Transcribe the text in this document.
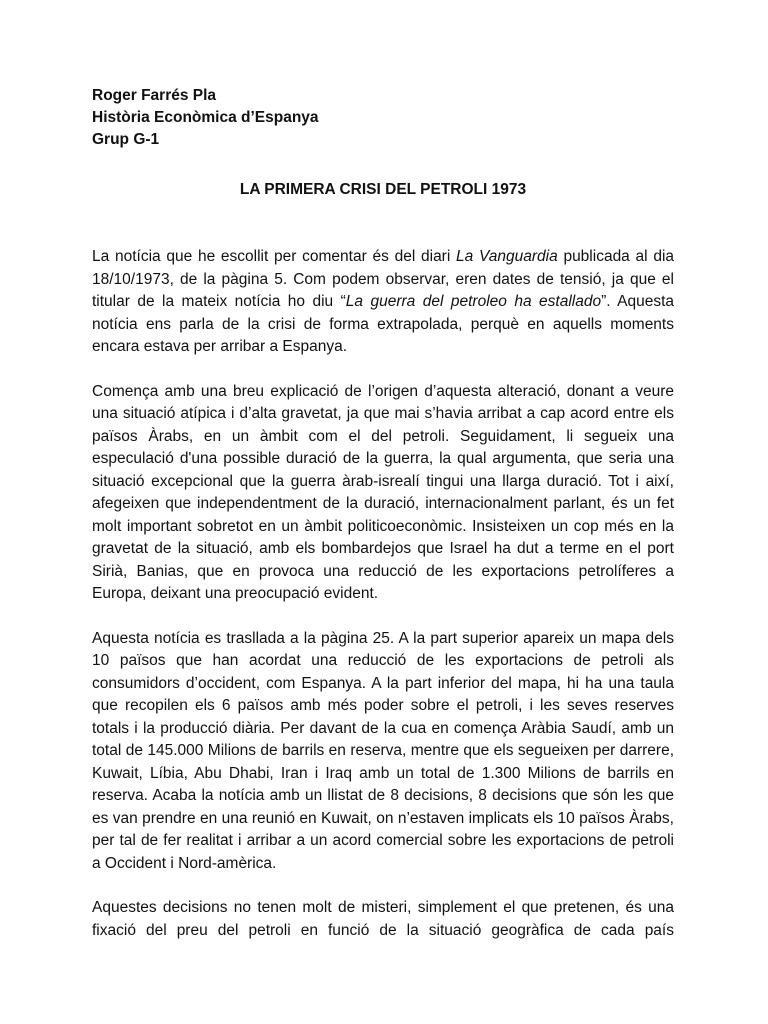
Roger Farrés Pla

Història Econòmica d’Espanya

Grup G-1

LA PRIMERA CRISI DEL PETROLI 1973

La notícia que he escollit per comentar és del diari La Vanguardia publicada al dia 18/10/1973, de la pàgina 5. Com podem observar, eren dates de tensió, ja que el titular de la mateix notícia ho diu “La guerra del petroleo ha estallado”. Aquesta notícia ens parla de la crisi de forma extrapolada, perquè en aquells moments encara estava per arribar a Espanya.

Comença amb una breu explicació de l’origen d’aquesta alteració, donant a veure una situació atípica i d’alta gravetat, ja que mai s’havia arribat a cap acord entre els països Àrabs, en un àmbit com el del petroli. Seguidament, li segueix una especulació d'una possible duració de la guerra, la qual argumenta, que seria una situació excepcional que la guerra àrab-isrealí tingui una llarga duració. Tot i així, afegeixen que independentment de la duració, internacionalment parlant, és un fet molt important sobretot en un àmbit politicoeconòmic. Insisteixen un cop més en la gravetat de la situació, amb els bombardejos que Israel ha dut a terme en el port Sirià, Banias, que en provoca una reducció de les exportacions petrolíferes a Europa, deixant una preocupació evident.

Aquesta notícia es trasllada a la pàgina 25. A la part superior apareix un mapa dels 10 països que han acordat una reducció de les exportacions de petroli als consumidors d’occident, com Espanya. A la part inferior del mapa, hi ha una taula que recopilen els 6 països amb més poder sobre el petroli, i les seves reserves totals i la producció diària. Per davant de la cua en comença Aràbia Saudí, amb un total de 145.000 Milions de barrils en reserva, mentre que els segueixen per darrere, Kuwait, Líbia, Abu Dhabi, Iran i Iraq amb un total de 1.300 Milions de barrils en reserva. Acaba la notícia amb un llistat de 8 decisions, 8 decisions que són les que es van prendre en una reunió en Kuwait, on n’estaven implicats els 10 països Àrabs, per tal de fer realitat i arribar a un acord comercial sobre les exportacions de petroli a Occident i Nord-amèrica.

Aquestes decisions no tenen molt de misteri, simplement el que pretenen, és una fixació del preu del petroli en funció de la situació geogràfica de cada país
